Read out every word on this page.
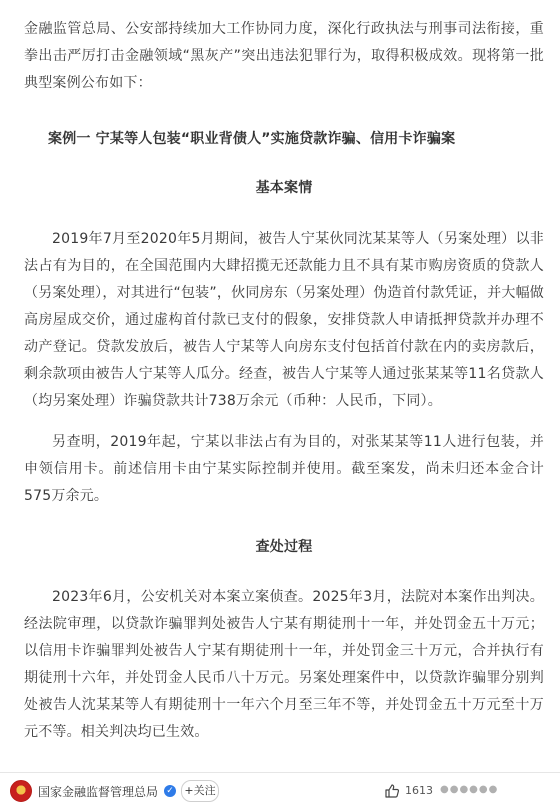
金融监管总局、公安部持续加大工作协同力度，深化行政执法与刑事司法衔接，重拳出击严厉打击金融领域“黑灰产”突出违法犯罪行为，取得积极成效。现将第一批典型案例公布如下：

案例一 宁某等人包装“职业背债人”实施贷款诈骗、信用卡诈骗案
基本案情

2019年7月至2020年5月期间，被告人宁某伙同沈某某等人（另案处理）以非法占有为目的，在全国范围内大肆招揽无还款能力且不具有某市购房资质的贷款人（另案处理），对其进行“包装”，伙同房东（另案处理）伪造首付款凭证，并大幅做高房屋成交价，通过虚构首付款已支付的假象，安排贷款人申请抵押贷款并办理不动产登记。贷款发放后，被告人宁某等人向房东支付包括首付款在内的卖房款后，剩余款项由被告人宁某等人瓜分。经查，被告人宁某等人通过张某某等11名贷款人（均另案处理）诈骗贷款共计738万余元（币种：人民币，下同）。

另查明，2019年起，宁某以非法占有为目的，对张某某等11人进行包装，并申领信用卡。前述信用卡由宁某实际控制并使用。截至案发，尚未归还本金合计575万余元。

查处过程

2023年6月，公安机关对本案立案侦查。2025年3月，法院对本案作出判决。经法院审理，以贷款诈骗罪判处被告人宁某有期徒刑十一年，并处罚金五十万元；以信用卡诈骗罪判处被告人宁某有期徒刑十一年，并处罚金三十万元，合并执行有期徒刑十六年，并处罚金人民币八十万元。另案处理案件中，以贷款诈骗罪分别判处被告人沈某某等人有期徒刑十一年六个月至三年不等，并处罚金五十万元至十万元不等。相关判决均已生效。

国家金融监督管理总局 ✓ +关注	1613 ●●●●●●
